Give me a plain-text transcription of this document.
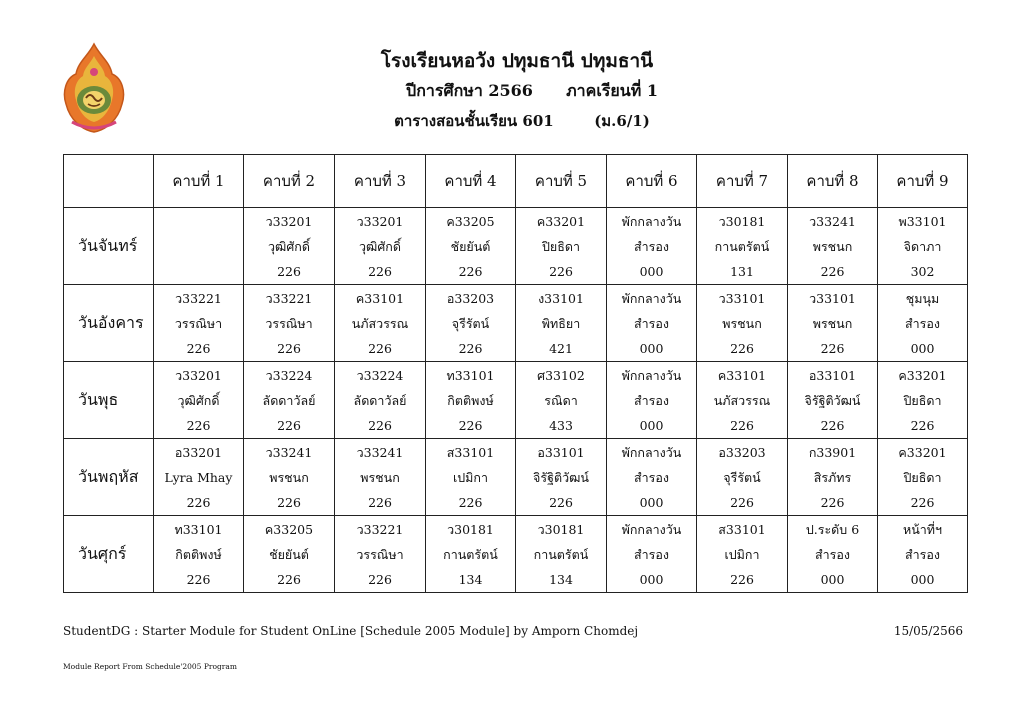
โรงเรียนหอวัง ปทุมธานี ปทุมธานี
ปีการศึกษา 2566 ภาคเรียนที่ 1
ตารางสอนชั้นเรียน 601	(ม.6/1)
	คาบที่ 1	คาบที่ 2	คาบที่ 3	คาบที่ 4	คาบที่ 5	คาบที่ 6	คาบที่ 7	คาบที่ 8	คาบที่ 9
วันจันทร์		ว33201
วุฒิศักดิ์
226	ว33201
วุฒิศักดิ์
226	ค33205
ชัยยันต์
226	ค33201
ปิยธิดา
226	พักกลางวัน
สำรอง
000	ว30181
กานตรัตน์
131	ว33241
พรชนก
226	พ33101
จิดาภา
302

วันอังคาร	ว33221
วรรณิษา
226	ว33221
วรรณิษา
226	ค33101
นภัสวรรณ
226	อ33203
จุรีรัตน์
226	ง33101
พิทธิยา
421	พักกลางวัน
สำรอง
000	ว33101
พรชนก
226	ว33101
พรชนก
226	ชุมนุม
สำรอง
000

วันพุธ	ว33201
วุฒิศักดิ์
226	ว33224
ลัดดาวัลย์
226	ว33224
ลัดดาวัลย์
226	ท33101
กิตติพงษ์
226	ศ33102
รณิดา
433	พักกลางวัน
สำรอง
000	ค33101
นภัสวรรณ
226	อ33101
จิรัฐิติวัฒน์
226	ค33201
ปิยธิดา
226

วันพฤหัส	อ33201
Lyra Mhay
226	ว33241
พรชนก
226	ว33241
พรชนก
226	ส33101
เปมิกา
226	อ33101
จิรัฐิติวัฒน์
226	พักกลางวัน
สำรอง
000	อ33203
จุรีรัตน์
226	ก33901
สิรภัทร
226	ค33201
ปิยธิดา
226

วันศุกร์	ท33101
กิตติพงษ์
226	ค33205
ชัยยันต์
226	ว33221
วรรณิษา
226	ว30181
กานตรัตน์
134	ว30181
กานตรัตน์
134	พักกลางวัน
สำรอง
000	ส33101
เปมิกา
226	ป.ระดับ 6
สำรอง
000	หน้าที่ฯ
สำรอง
000
StudentDG : Starter Module for Student OnLine [Schedule 2005 Module] by Amporn Chomdej	15/05/2566
Module Report From Schedule'2005 Program
